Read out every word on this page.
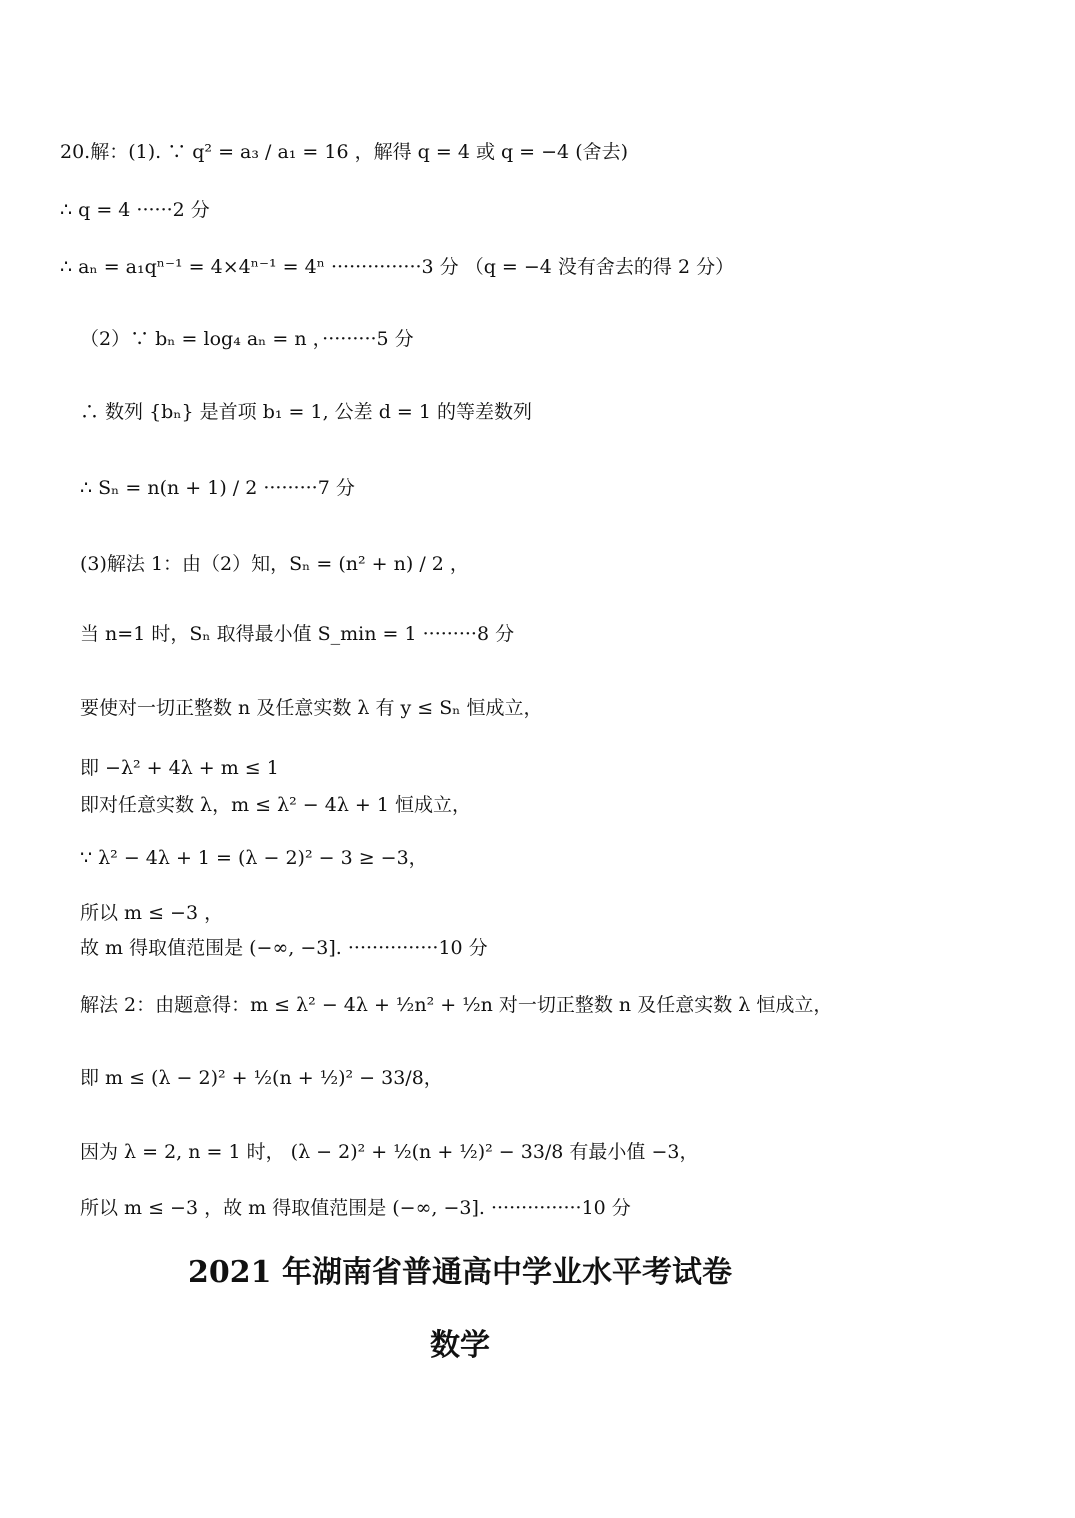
20.解：(1). ∵ q² = a₃ / a₁ = 16 ，解得 q = 4 或 q = −4 (舍去)
∴ q = 4 ······2 分
∴ aₙ = a₁qⁿ⁻¹ = 4×4ⁿ⁻¹ = 4ⁿ ···············3 分 （q = −4 没有舍去的得 2 分）
（2）∵ bₙ = log₄ aₙ = n ，·········5 分
∴ 数列 {bₙ} 是首项 b₁ = 1, 公差 d = 1 的等差数列
∴ Sₙ = n(n + 1) / 2 ·········7 分
(3)解法 1：由（2）知，Sₙ = (n² + n) / 2 ，
当 n=1 时，Sₙ 取得最小值 S_min = 1 ·········8 分
要使对一切正整数 n 及任意实数 λ 有 y ≤ Sₙ 恒成立，
即 −λ² + 4λ + m ≤ 1
即对任意实数 λ，m ≤ λ² − 4λ + 1 恒成立，
∵ λ² − 4λ + 1 = (λ − 2)² − 3 ≥ −3，
所以 m ≤ −3 ，
故 m 得取值范围是 (−∞, −3]. ···············10 分
解法 2：由题意得：m ≤ λ² − 4λ + ½n² + ½n 对一切正整数 n 及任意实数 λ 恒成立，
即 m ≤ (λ − 2)² + ½(n + ½)² − 33/8，
因为 λ = 2, n = 1 时， (λ − 2)² + ½(n + ½)² − 33/8 有最小值 −3，
所以 m ≤ −3 ，故 m 得取值范围是 (−∞, −3]. ···············10 分
2021 年湖南省普通高中学业水平考试卷
数学
